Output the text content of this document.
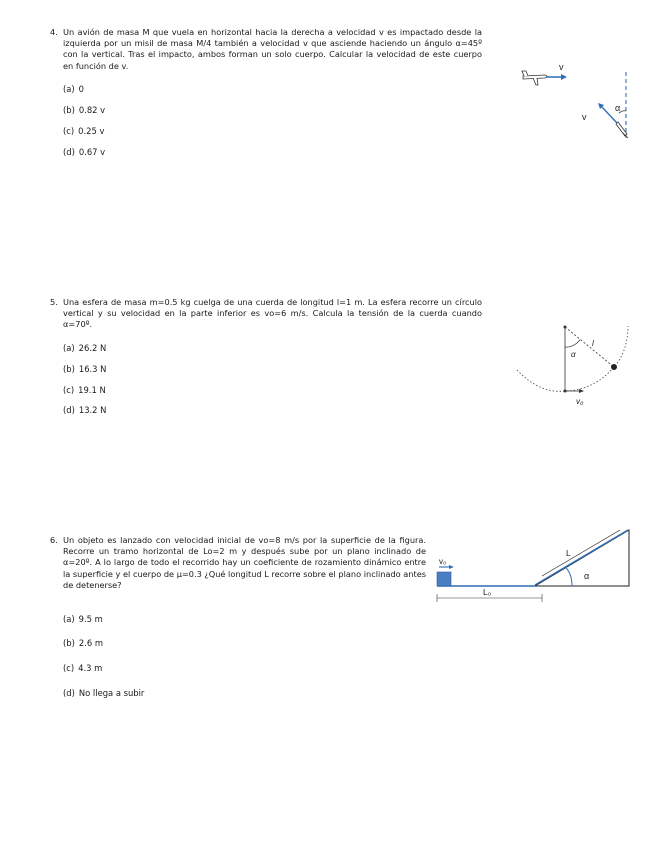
4. Un avión de masa M que vuela en horizontal hacia la derecha a velocidad v es impactado desde la izquierda por un misil de masa M/4 también a velocidad v que asciende haciendo un ángulo α=45º con la vertical. Tras el impacto, ambos forman un solo cuerpo. Calcular la velocidad de este cuerpo en función de v.
(a) 0
(b) 0.82 v
(c) 0.25 v
(d) 0.67 v
v
α
v
5. Una esfera de masa m=0.5 kg cuelga de una cuerda de longitud l=1 m. La esfera recorre un círculo vertical y su velocidad en la parte inferior es vo=6 m/s. Calcula la tensión de la cuerda cuando α=70º.
(a) 26.2 N
(b) 16.3 N
(c) 19.1 N
(d) 13.2 N
α
l
v₀
6. Un objeto es lanzado con velocidad inicial de vo=8 m/s por la superficie de la figura. Recorre un tramo horizontal de Lo=2 m y después sube por un plano inclinado de α=20º. A lo largo de todo el recorrido hay un coeficiente de rozamiento dinámico entre la superficie y el cuerpo de μ=0.3 ¿Qué longitud L recorre sobre el plano inclinado antes de detenerse?
(a) 9.5 m
(b) 2.6 m
(c) 4.3 m
(d) No llega a subir
v₀
L₀
L
α
